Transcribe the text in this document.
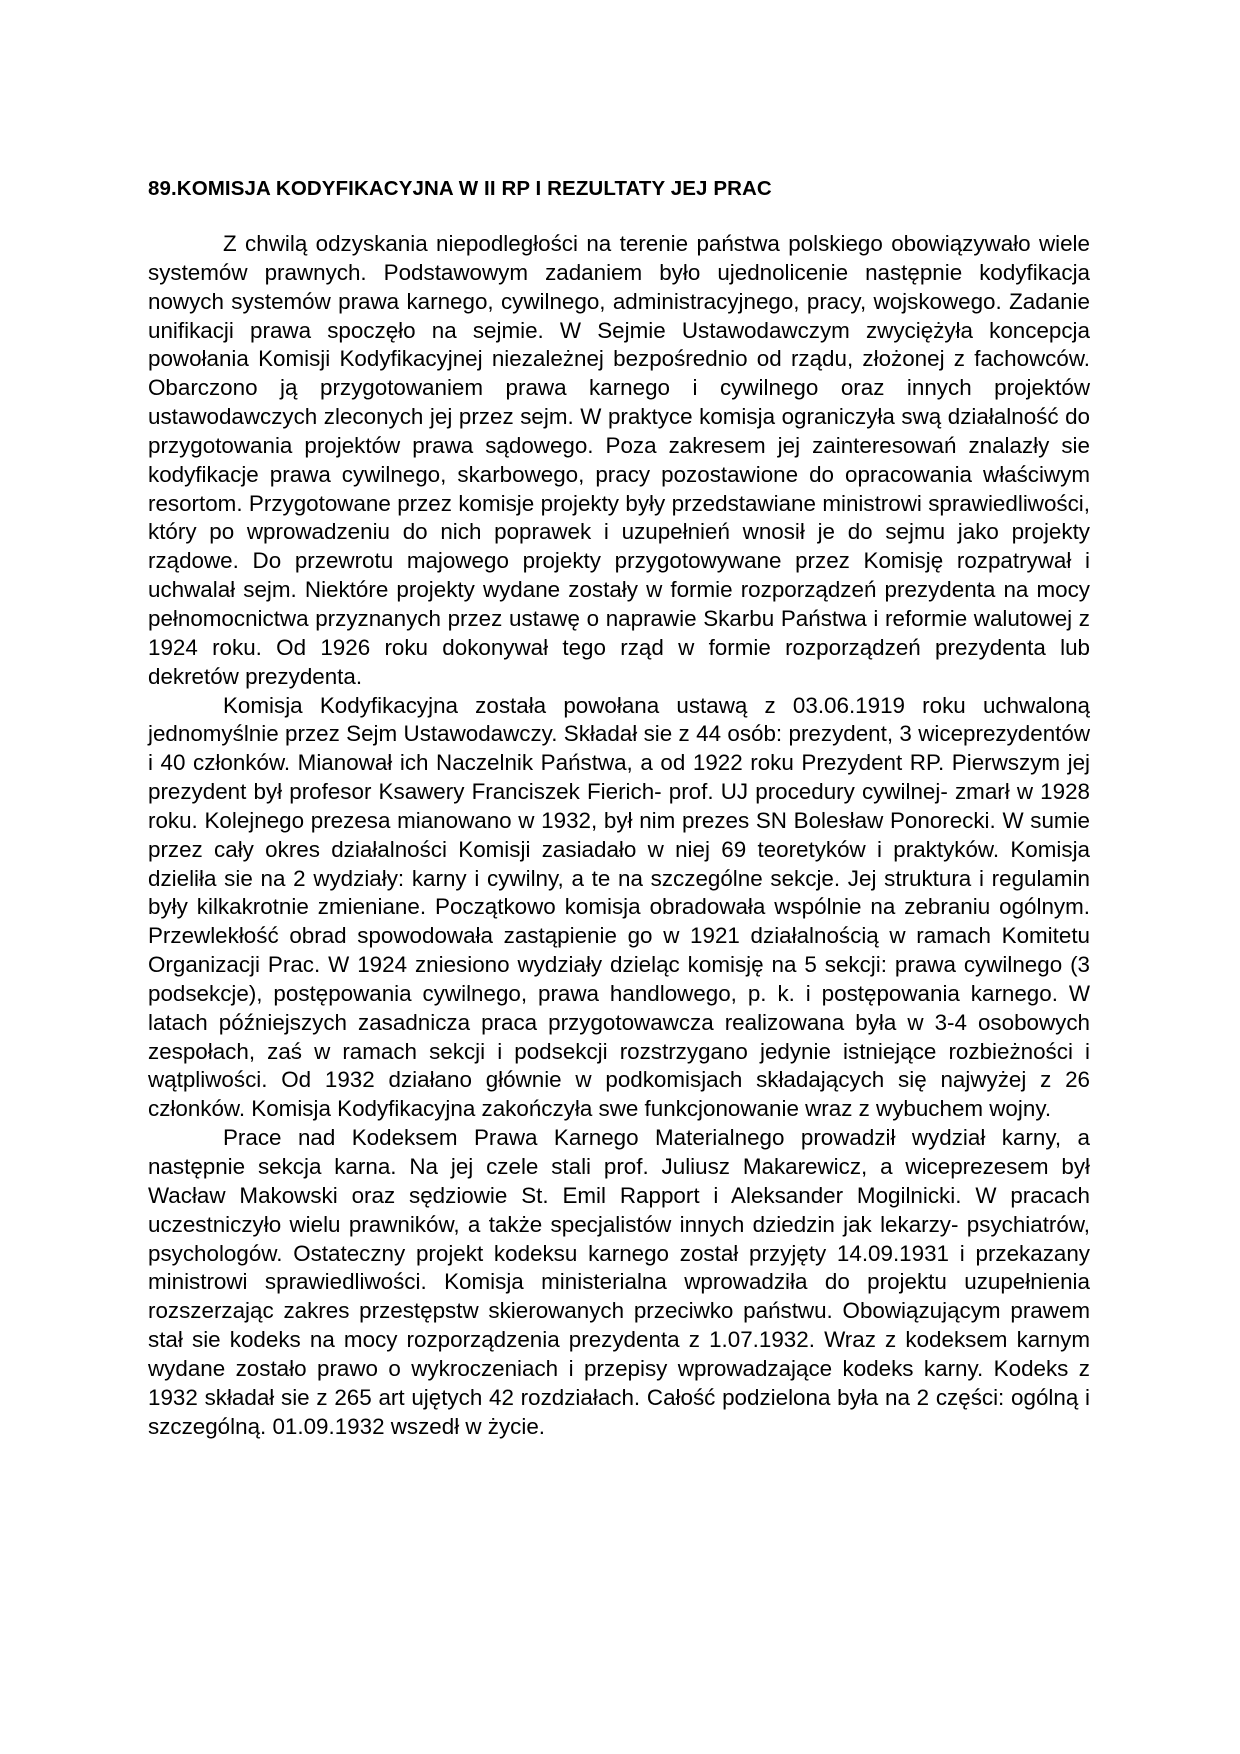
89.KOMISJA KODYFIKACYJNA W II RP I REZULTATY JEJ PRAC

Z chwilą odzyskania niepodległości na terenie państwa polskiego obowiązywało wiele systemów prawnych. Podstawowym zadaniem było ujednolicenie następnie kodyfikacja nowych systemów prawa karnego, cywilnego, administracyjnego, pracy, wojskowego. Zadanie unifikacji prawa spoczęło na sejmie. W Sejmie Ustawodawczym zwyciężyła koncepcja powołania Komisji Kodyfikacyjnej niezależnej bezpośrednio od rządu, złożonej z fachowców. Obarczono ją przygotowaniem prawa karnego i cywilnego oraz innych projektów ustawodawczych zleconych jej przez sejm. W praktyce komisja ograniczyła swą działalność do przygotowania projektów prawa sądowego. Poza zakresem jej zainteresowań znalazły sie kodyfikacje prawa cywilnego, skarbowego, pracy pozostawione do opracowania właściwym resortom. Przygotowane przez komisje projekty były przedstawiane ministrowi sprawiedliwości, który po wprowadzeniu do nich poprawek i uzupełnień wnosił je do sejmu jako projekty rządowe. Do przewrotu majowego projekty przygotowywane przez Komisję rozpatrywał i uchwalał sejm. Niektóre projekty wydane zostały w formie rozporządzeń prezydenta na mocy pełnomocnictwa przyznanych przez ustawę o naprawie Skarbu Państwa i reformie walutowej z 1924 roku. Od 1926 roku dokonywał tego rząd w formie rozporządzeń prezydenta lub dekretów prezydenta.

Komisja Kodyfikacyjna została powołana ustawą z 03.06.1919 roku uchwaloną jednomyślnie przez Sejm Ustawodawczy. Składał sie z 44 osób: prezydent, 3 wiceprezydentów i 40 członków. Mianował ich Naczelnik Państwa, a od 1922 roku Prezydent RP. Pierwszym jej prezydent był profesor Ksawery Franciszek Fierich- prof. UJ procedury cywilnej- zmarł w 1928 roku. Kolejnego prezesa mianowano w 1932, był nim prezes SN Bolesław Ponorecki. W sumie przez cały okres działalności Komisji zasiadało w niej 69 teoretyków i praktyków. Komisja dzieliła sie na 2 wydziały: karny i cywilny, a te na szczególne sekcje. Jej struktura i regulamin były kilkakrotnie zmieniane. Początkowo komisja obradowała wspólnie na zebraniu ogólnym. Przewlekłość obrad spowodowała zastąpienie go w 1921 działalnością w ramach Komitetu Organizacji Prac. W 1924 zniesiono wydziały dzieląc komisję na 5 sekcji: prawa cywilnego (3 podsekcje), postępowania cywilnego, prawa handlowego, p. k. i postępowania karnego. W latach późniejszych zasadnicza praca przygotowawcza realizowana była w 3-4 osobowych zespołach, zaś w ramach sekcji i podsekcji rozstrzygano jedynie istniejące rozbieżności i wątpliwości. Od 1932 działano głównie w podkomisjach składających się najwyżej z 26 członków. Komisja Kodyfikacyjna zakończyła swe funkcjonowanie wraz z wybuchem wojny.

Prace nad Kodeksem Prawa Karnego Materialnego prowadził wydział karny, a następnie sekcja karna. Na jej czele stali prof. Juliusz Makarewicz, a wiceprezesem był Wacław Makowski oraz sędziowie St. Emil Rapport i Aleksander Mogilnicki. W pracach uczestniczyło wielu prawników, a także specjalistów innych dziedzin jak lekarzy- psychiatrów, psychologów. Ostateczny projekt kodeksu karnego został przyjęty 14.09.1931 i przekazany ministrowi sprawiedliwości. Komisja ministerialna wprowadziła do projektu uzupełnienia rozszerzając zakres przestępstw skierowanych przeciwko państwu. Obowiązującym prawem stał sie kodeks na mocy rozporządzenia prezydenta z 1.07.1932. Wraz z kodeksem karnym wydane zostało prawo o wykroczeniach i przepisy wprowadzające kodeks karny. Kodeks z 1932 składał sie z 265 art ujętych 42 rozdziałach. Całość podzielona była na 2 części: ogólną i szczególną. 01.09.1932 wszedł w życie.
